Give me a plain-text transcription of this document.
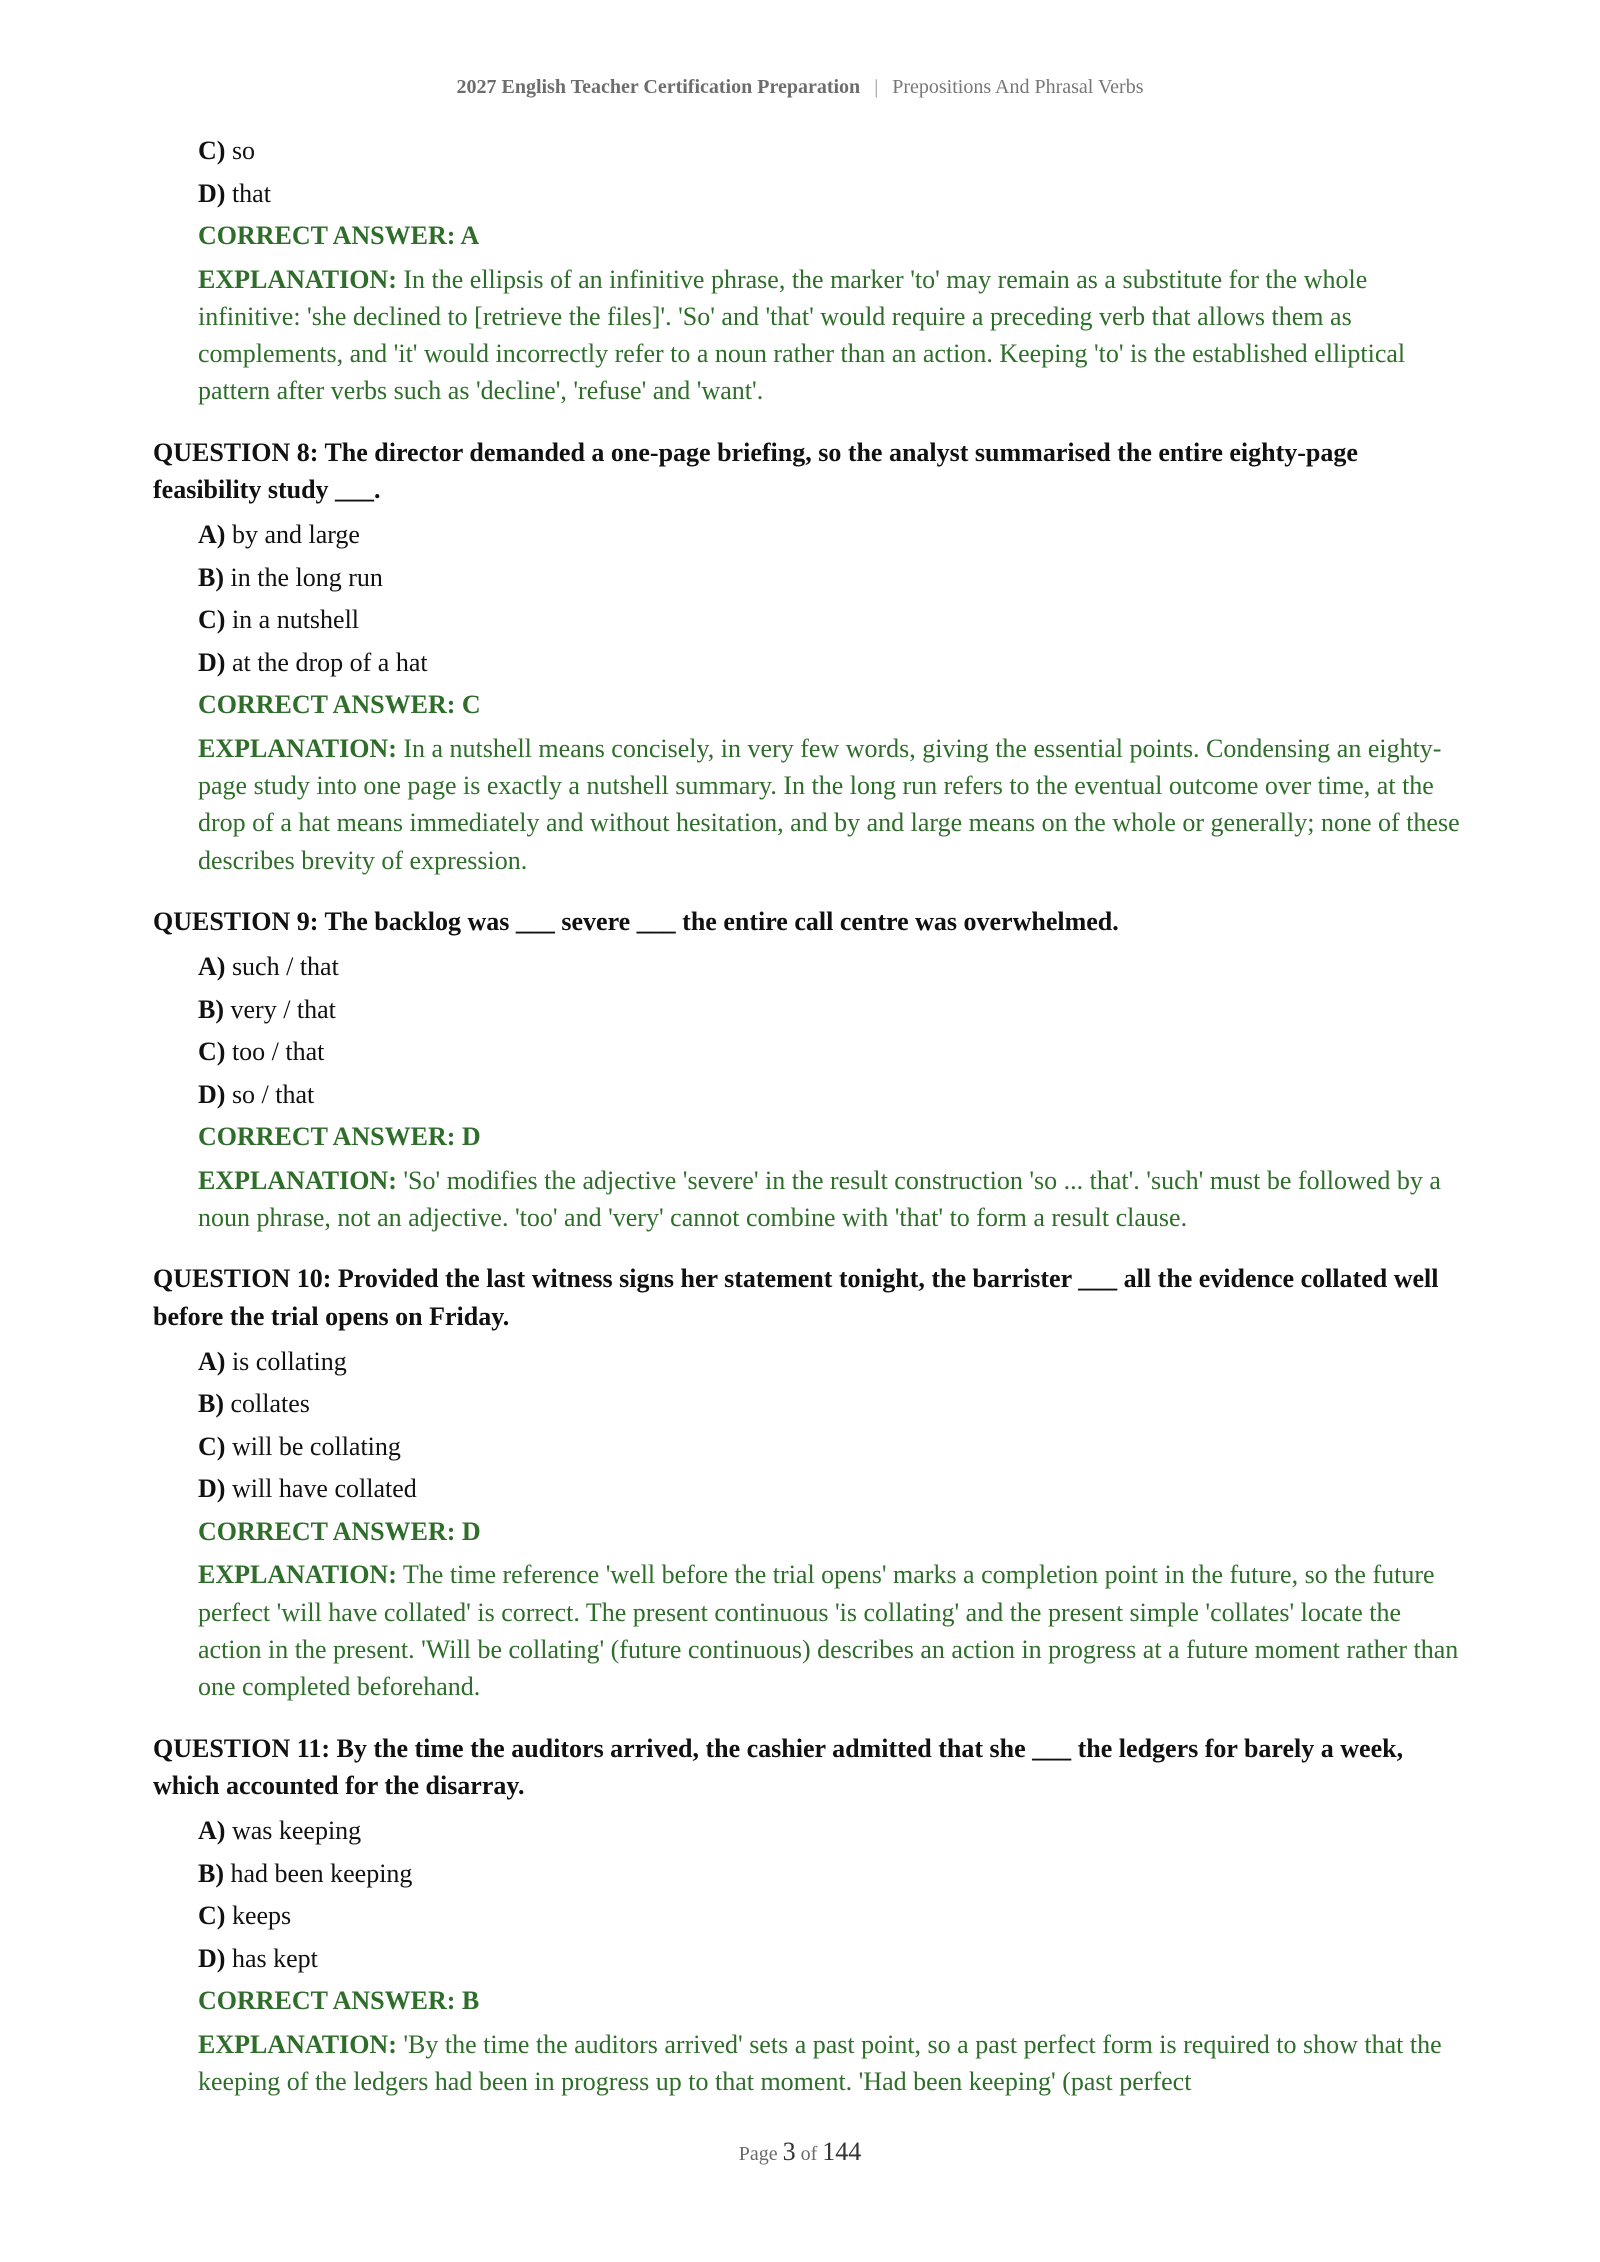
2027 English Teacher Certification Preparation | Prepositions And Phrasal Verbs
C) so
D) that
CORRECT ANSWER: A
EXPLANATION: In the ellipsis of an infinitive phrase, the marker 'to' may remain as a substitute for the whole infinitive: 'she declined to [retrieve the files]'. 'So' and 'that' would require a preceding verb that allows them as complements, and 'it' would incorrectly refer to a noun rather than an action. Keeping 'to' is the established elliptical pattern after verbs such as 'decline', 'refuse' and 'want'.
QUESTION 8: The director demanded a one-page briefing, so the analyst summarised the entire eighty-page feasibility study ___.
A) by and large
B) in the long run
C) in a nutshell
D) at the drop of a hat
CORRECT ANSWER: C
EXPLANATION: In a nutshell means concisely, in very few words, giving the essential points. Condensing an eighty-page study into one page is exactly a nutshell summary. In the long run refers to the eventual outcome over time, at the drop of a hat means immediately and without hesitation, and by and large means on the whole or generally; none of these describes brevity of expression.
QUESTION 9: The backlog was ___ severe ___ the entire call centre was overwhelmed.
A) such / that
B) very / that
C) too / that
D) so / that
CORRECT ANSWER: D
EXPLANATION: 'So' modifies the adjective 'severe' in the result construction 'so ... that'. 'such' must be followed by a noun phrase, not an adjective. 'too' and 'very' cannot combine with 'that' to form a result clause.
QUESTION 10: Provided the last witness signs her statement tonight, the barrister ___ all the evidence collated well before the trial opens on Friday.
A) is collating
B) collates
C) will be collating
D) will have collated
CORRECT ANSWER: D
EXPLANATION: The time reference 'well before the trial opens' marks a completion point in the future, so the future perfect 'will have collated' is correct. The present continuous 'is collating' and the present simple 'collates' locate the action in the present. 'Will be collating' (future continuous) describes an action in progress at a future moment rather than one completed beforehand.
QUESTION 11: By the time the auditors arrived, the cashier admitted that she ___ the ledgers for barely a week, which accounted for the disarray.
A) was keeping
B) had been keeping
C) keeps
D) has kept
CORRECT ANSWER: B
EXPLANATION: 'By the time the auditors arrived' sets a past point, so a past perfect form is required to show that the keeping of the ledgers had been in progress up to that moment. 'Had been keeping' (past perfect
Page 3 of 144
